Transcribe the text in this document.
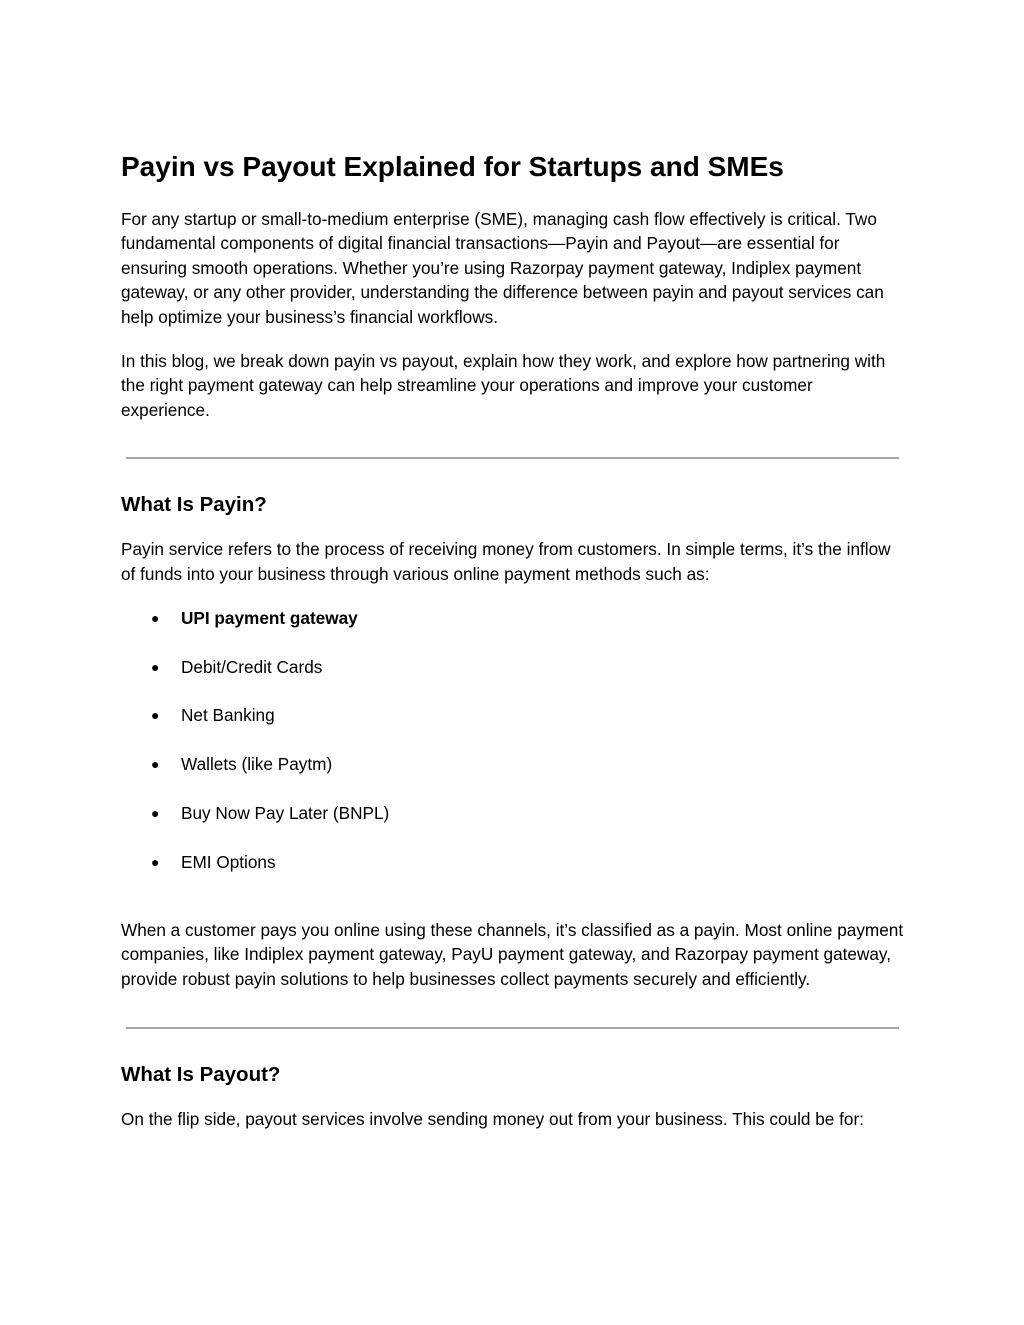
Payin vs Payout Explained for Startups and SMEs

For any startup or small-to-medium enterprise (SME), managing cash flow effectively is critical. Two fundamental components of digital financial transactions—Payin and Payout—are essential for ensuring smooth operations. Whether you’re using Razorpay payment gateway, Indiplex payment gateway, or any other provider, understanding the difference between payin and payout services can help optimize your business’s financial workflows.

In this blog, we break down payin vs payout, explain how they work, and explore how partnering with the right payment gateway can help streamline your operations and improve your customer experience.

What Is Payin?

Payin service refers to the process of receiving money from customers. In simple terms, it’s the inflow of funds into your business through various online payment methods such as:

● UPI payment gateway
● Debit/Credit Cards
● Net Banking
● Wallets (like Paytm)
● Buy Now Pay Later (BNPL)
● EMI Options

When a customer pays you online using these channels, it’s classified as a payin. Most online payment companies, like Indiplex payment gateway, PayU payment gateway, and Razorpay payment gateway, provide robust payin solutions to help businesses collect payments securely and efficiently.

What Is Payout?

On the flip side, payout services involve sending money out from your business. This could be for:
